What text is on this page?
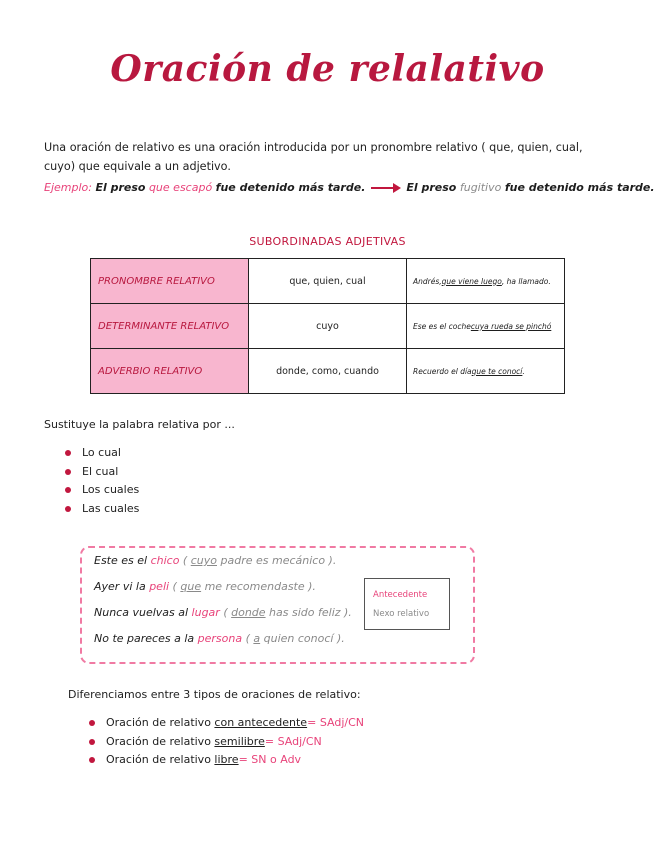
Oración de relalativo
Una oración de relativo es una oración introducida por un pronombre relativo ( que, quien, cual, cuyo) que equivale a un adjetivo.
Ejemplo: El preso que escapó fue detenido más tarde.	El preso fugitivo fue detenido más tarde.
SUBORDINADAS ADJETIVAS
PRONOMBRE RELATIVO	que, quien, cual	Andrés, que viene luego , ha llamado.
DETERMINANTE RELATIVO	cuyo	Ese es el coche cuya rueda se pinchó
ADVERBIO RELATIVO	donde, como, cuando	Recuerdo el día que te conocí .
Sustituye la palabra relativa por ...
Lo cual
El cual
Los cuales
Las cuales
Este es el chico ( cuyo padre es mecánico ).
Ayer vi la peli ( que me recomendaste ).
Nunca vuelvas al lugar ( donde has sido feliz ).
No te pareces a la persona ( a quien conocí ).
Antecedente
Nexo relativo
Diferenciamos entre 3 tipos de oraciones de relativo:
Oración de relativo con antecedente= SAdj/CN
Oración de relativo semilibre= SAdj/CN
Oración de relativo libre= SN o Adv
